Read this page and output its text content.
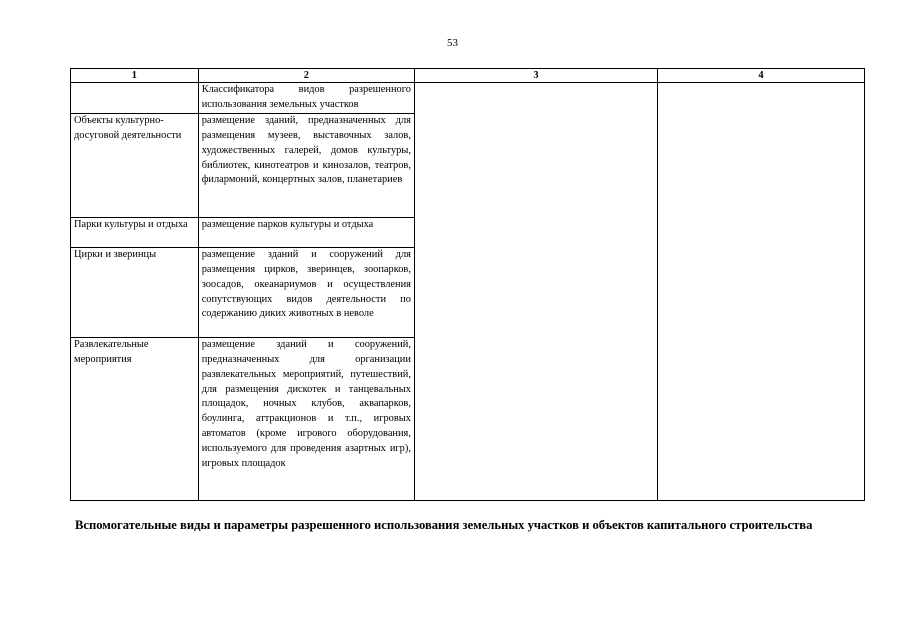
53
1	2	3	4

	Классификатора видов разрешенного использования земельных участков		

Объекты культурно-досуговой деятельности	размещение зданий, предназначенных для размещения музеев, выставочных залов, художественных галерей, домов культуры, библиотек, кинотеатров и кинозалов, театров, филармоний, концертных залов, планетариев		

Парки культуры и отдыха	размещение парков культуры и отдыха		

Цирки и зверинцы	размещение зданий и сооружений для размещения цирков, зверинцев, зоопарков, зоосадов, океанариумов и осуществления сопутствующих видов деятельности по содержанию диких животных в неволе		

Развлекательные мероприятия	размещение зданий и сооружений, предназначенных для организации развлекательных мероприятий, путешествий, для размещения дискотек и танцевальных площадок, ночных клубов, аквапарков, боулинга, аттракционов и т.п., игровых автоматов (кроме игрового оборудования, используемого для проведения азартных игр), игровых площадок		
Вспомогательные виды и параметры разрешенного использования земельных участков и объектов капитального строительства
